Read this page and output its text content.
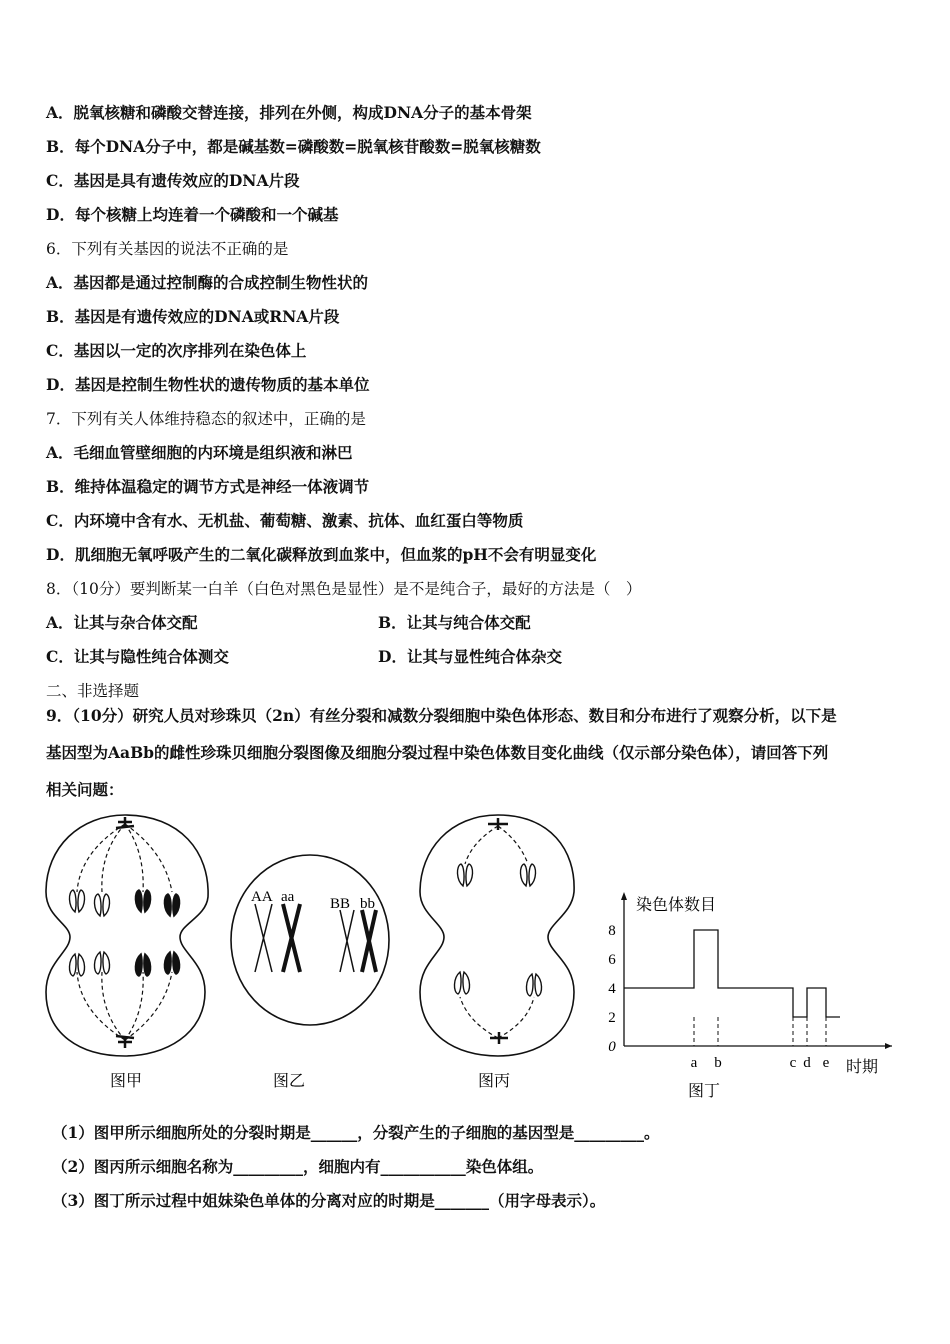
A．脱氧核糖和磷酸交替连接，排列在外侧，构成DNA分子的基本骨架
B．每个DNA分子中，都是碱基数=磷酸数=脱氧核苷酸数=脱氧核糖数
C．基因是具有遗传效应的DNA片段
D．每个核糖上均连着一个磷酸和一个碱基
6．下列有关基因的说法不正确的是
A．基因都是通过控制酶的合成控制生物性状的
B．基因是有遗传效应的DNA或RNA片段
C．基因以一定的次序排列在染色体上
D．基因是控制生物性状的遗传物质的基本单位
7．下列有关人体维持稳态的叙述中，正确的是
A．毛细血管壁细胞的内环境是组织液和淋巴
B．维持体温稳定的调节方式是神经一体液调节
C．内环境中含有水、无机盐、葡萄糖、激素、抗体、血红蛋白等物质
D．肌细胞无氧呼吸产生的二氧化碳释放到血浆中，但血浆的pH不会有明显变化
8．（10分）要判断某一白羊（白色对黑色是显性）是不是纯合子，最好的方法是（　）
A．让其与杂合体交配	B．让其与纯合体交配
C．让其与隐性纯合体测交	D．让其与显性纯合体杂交
二、非选择题
9．（10分）研究人员对珍珠贝（2n）有丝分裂和减数分裂细胞中染色体形态、数目和分布进行了观察分析，以下是
基因型为AaBb的雌性珍珠贝细胞分裂图像及细胞分裂过程中染色体数目变化曲线（仅示部分染色体），请回答下列
相关问题：
图甲
AA aa BB bb
图乙	图丙
染色体数目
时期
8
6
4
2
0
a b	c d e
图丁
（1）图甲所示细胞所处的分裂时期是______，分裂产生的子细胞的基因型是_________。
（2）图丙所示细胞名称为_________，细胞内有___________染色体组。
（3）图丁所示过程中姐妹染色单体的分离对应的时期是_______（用字母表示）。
